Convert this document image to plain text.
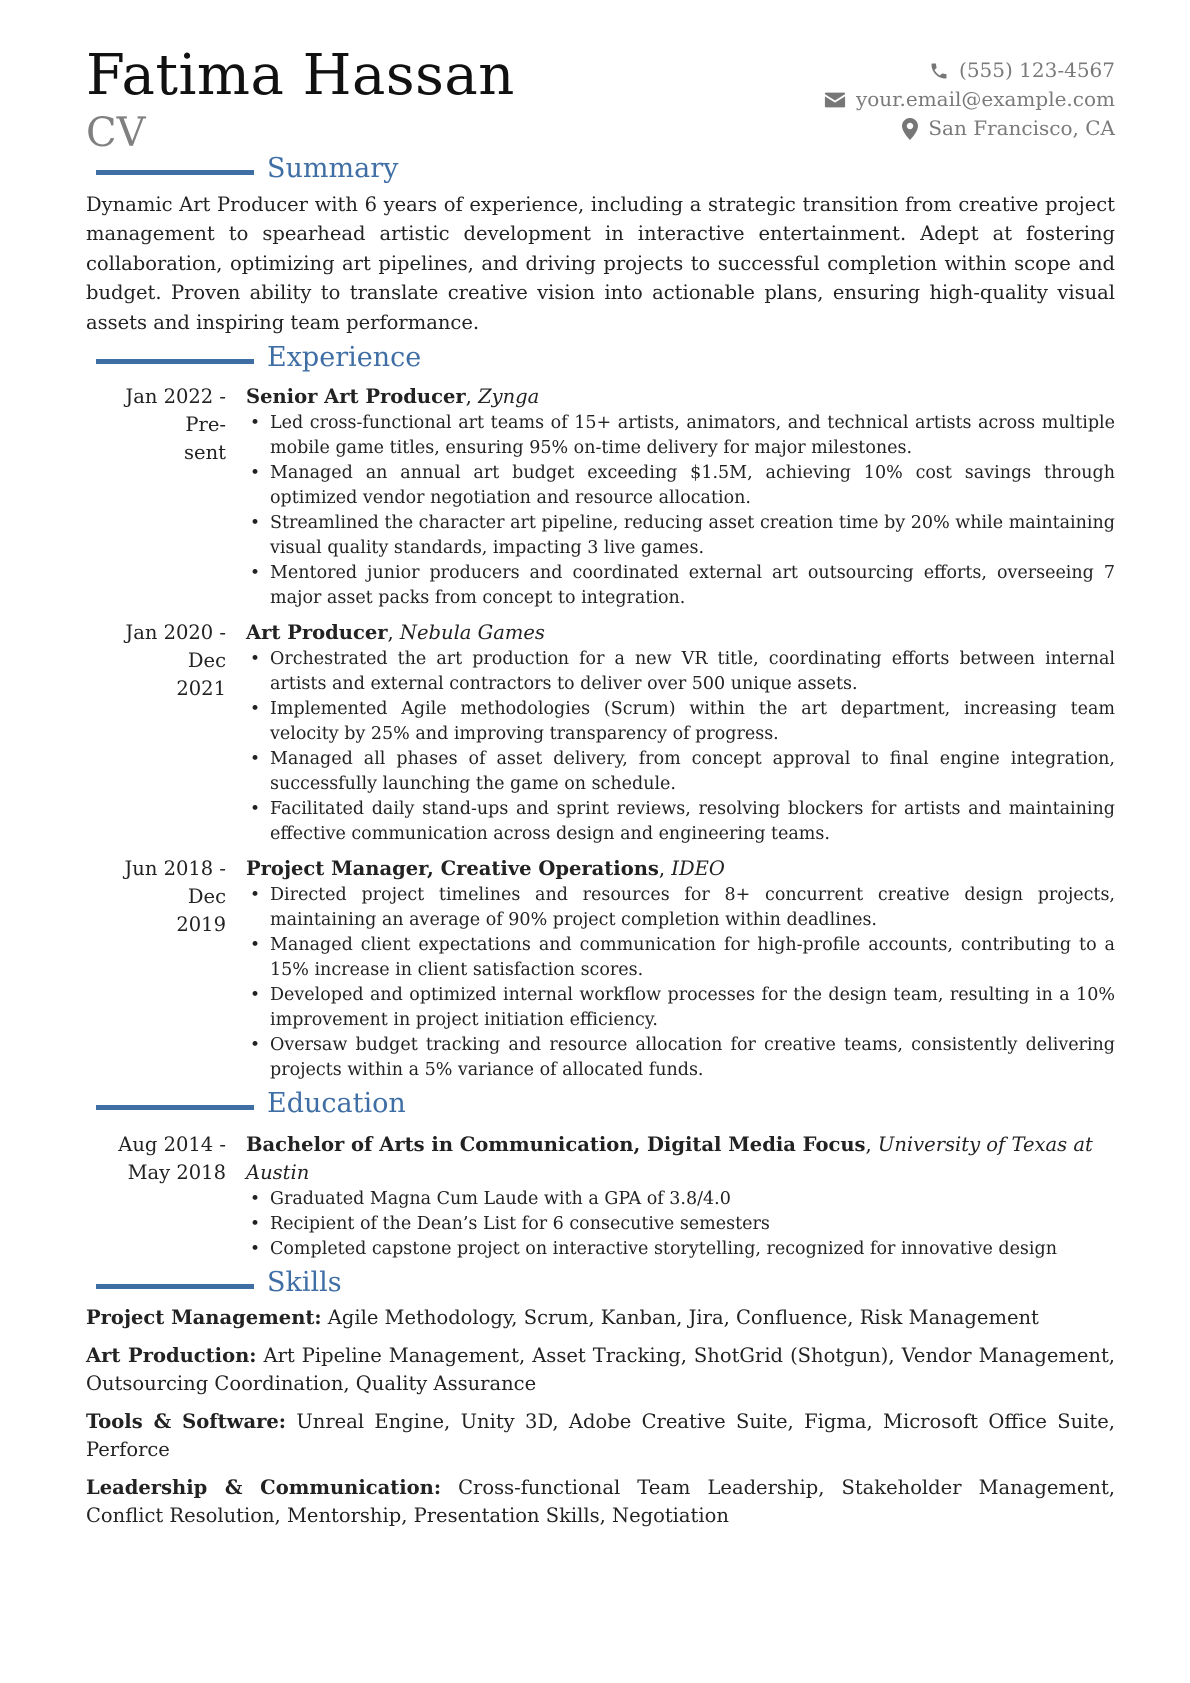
Fatima Hassan
CV
(555) 123-4567
your.email@example.com
San Francisco, CA
Summary

Dynamic Art Producer with 6 years of experience, including a strategic transition from creative project management to spearhead artistic development in interactive entertainment. Adept at fostering collaboration, optimizing art pipelines, and driving projects to successful completion within scope and budget. Proven ability to translate creative vision into actionable plans, ensuring high-quality visual assets and inspiring team performance.

Experience
Jan 2022 - Pre-
sent
Senior Art Producer, Zynga
• Led cross-functional art teams of 15+ artists, animators, and technical artists across multiple mobile game titles, ensuring 95% on-time delivery for major milestones.
• Managed an annual art budget exceeding $1.5M, achieving 10% cost savings through optimized vendor negotiation and resource allocation.
• Streamlined the character art pipeline, reducing asset creation time by 20% while maintaining visual quality standards, impacting 3 live games.
• Mentored junior producers and coordinated external art outsourcing efforts, overseeing 7 major asset packs from concept to integration.
Jan 2020 - Dec
2021
Art Producer, Nebula Games
• Orchestrated the art production for a new VR title, coordinating efforts between internal artists and external contractors to deliver over 500 unique assets.
• Implemented Agile methodologies (Scrum) within the art department, increasing team velocity by 25% and improving transparency of progress.
• Managed all phases of asset delivery, from concept approval to final engine integration, successfully launching the game on schedule.
• Facilitated daily stand-ups and sprint reviews, resolving blockers for artists and maintaining effective communication across design and engineering teams.
Jun 2018 - Dec
2019
Project Manager, Creative Operations, IDEO
• Directed project timelines and resources for 8+ concurrent creative design projects, maintaining an average of 90% project completion within deadlines.
• Managed client expectations and communication for high-profile accounts, contributing to a 15% increase in client satisfaction scores.
• Developed and optimized internal workflow processes for the design team, resulting in a 10% improvement in project initiation efficiency.
• Oversaw budget tracking and resource allocation for creative teams, consistently delivering projects within a 5% variance of allocated funds.
Education
Aug 2014 -
May 2018
Bachelor of Arts in Communication, Digital Media Focus, University of Texas at Austin
• Graduated Magna Cum Laude with a GPA of 3.8/4.0
• Recipient of the Dean’s List for 6 consecutive semesters
• Completed capstone project on interactive storytelling, recognized for innovative design
Skills
Project Management: Agile Methodology, Scrum, Kanban, Jira, Confluence, Risk Management
Art Production: Art Pipeline Management, Asset Tracking, ShotGrid (Shotgun), Vendor Management, Outsourcing Coordination, Quality Assurance
Tools & Software: Unreal Engine, Unity 3D, Adobe Creative Suite, Figma, Microsoft Office Suite, Perforce
Leadership & Communication: Cross-functional Team Leadership, Stakeholder Management, Conflict Resolution, Mentorship, Presentation Skills, Negotiation
